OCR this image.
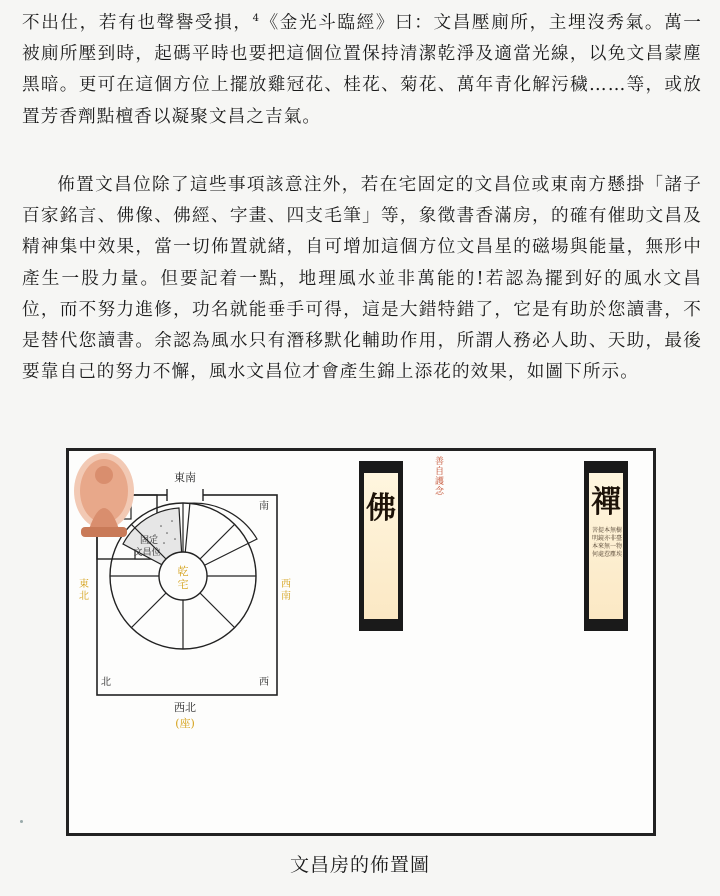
不出仕，若有也聲譽受損，$^4$《金光斗臨經》曰：文昌壓廁所，主埋沒秀氣。萬一被廁所壓到時，起碼平時也要把這個位置保持清潔乾淨及適當光線，以免文昌蒙塵黑暗。更可在這個方位上擺放雞冠花、桂花、菊花、萬年青化解污穢……等，或放置芳香劑點檀香以凝聚文昌之吉氣。

佈置文昌位除了這些事項該意注外，若在宅固定的文昌位或東南方懸掛「諸子百家銘言、佛像、佛經、字畫、四支毛筆」等，象徵書香滿房，的確有催助文昌及精神集中效果，當一切佈置就緒，自可增加這個方位文昌星的磁場與能量，無形中產生一股力量。但要記着一點，地理風水並非萬能的!若認為擺到好的風水文昌位，而不努力進修，功名就能垂手可得，這是大錯特錯了，它是有助於您讀書，不是替代您讀書。余認為風水只有潛移默化輔助作用，所謂人務必人助、天助，最後要靠自己的努力不懈，風水文昌位才會產生錦上添花的效果，如圖下所示。

東南
南
北	西
西北
(座)
東
北
西
南
乾
宅
固定
文昌位
佛
善自護念	禪
菩提本無樹明鏡亦非臺本來無一物何處惹塵埃
文昌房的佈置圖
